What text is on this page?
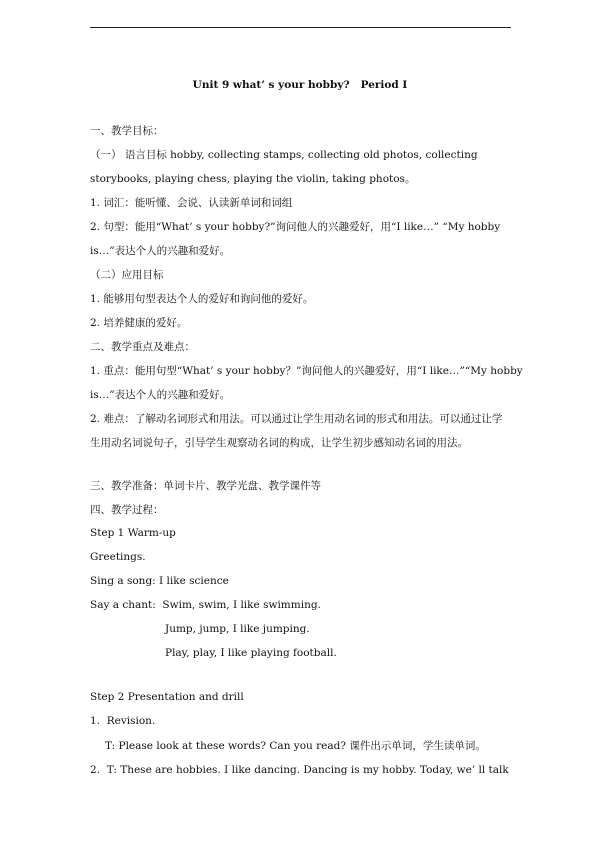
Unit 9 what’ s your hobby?   Period I
一、教学目标：
（一） 语言目标 hobby, collecting stamps, collecting old photos, collecting
storybooks, playing chess, playing the violin, taking photos。
1. 词汇：能听懂、会说、认读新单词和词组
2. 句型：能用“What’ s your hobby?”询问他人的兴趣爱好，用“I like…” “My hobby
is…”表达个人的兴趣和爱好。
（二）应用目标
1. 能够用句型表达个人的爱好和询问他的爱好。
2. 培养健康的爱好。
二、教学重点及难点：
1. 重点：能用句型“What’ s your hobby？”询问他人的兴趣爱好，用“I like…”“My hobby
is…”表达个人的兴趣和爱好。
2. 难点：了解动名词形式和用法。可以通过让学生用动名词的形式和用法。可以通过让学
生用动名词说句子，引导学生观察动名词的构成，让学生初步感知动名词的用法。
三、教学准备：单词卡片、教学光盘、教学课件等
四、教学过程：
Step 1 Warm-up
Greetings.
Sing a song: I like science
Say a chant:  Swim, swim, I like swimming.
Jump, jump, I like jumping.
Play, play, I like playing football.
Step 2 Presentation and drill
1.  Revision.
T: Please look at these words? Can you read? 课件出示单词，学生读单词。
2.  T: These are hobbies. I like dancing. Dancing is my hobby. Today, we’ ll talk
